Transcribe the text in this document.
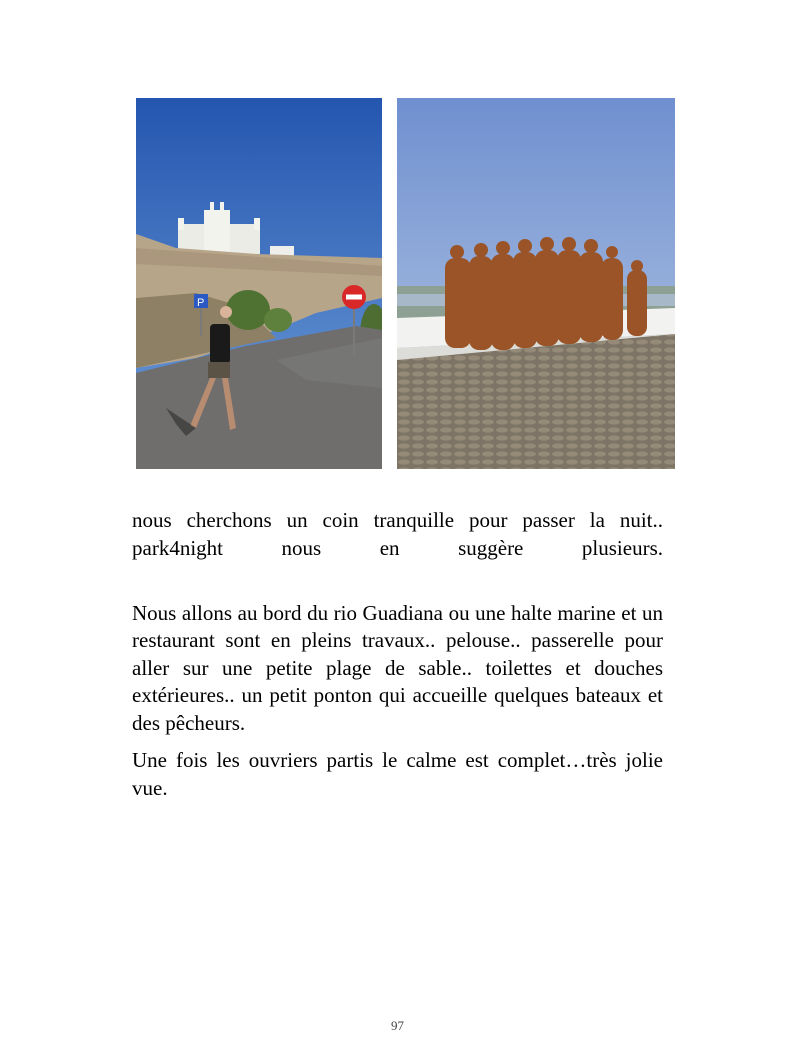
P

nous cherchons un coin tranquille pour passer la nuit.. park4night nous en suggère plusieurs.

Nous allons au bord du rio Guadiana ou une halte marine et un restaurant sont en pleins travaux.. pelouse.. passerelle pour aller sur une petite plage de sable.. toilettes et douches extérieures.. un petit ponton qui accueille quelques bateaux et des pêcheurs.

Une fois les ouvriers partis le calme est complet…très jolie vue.

97
